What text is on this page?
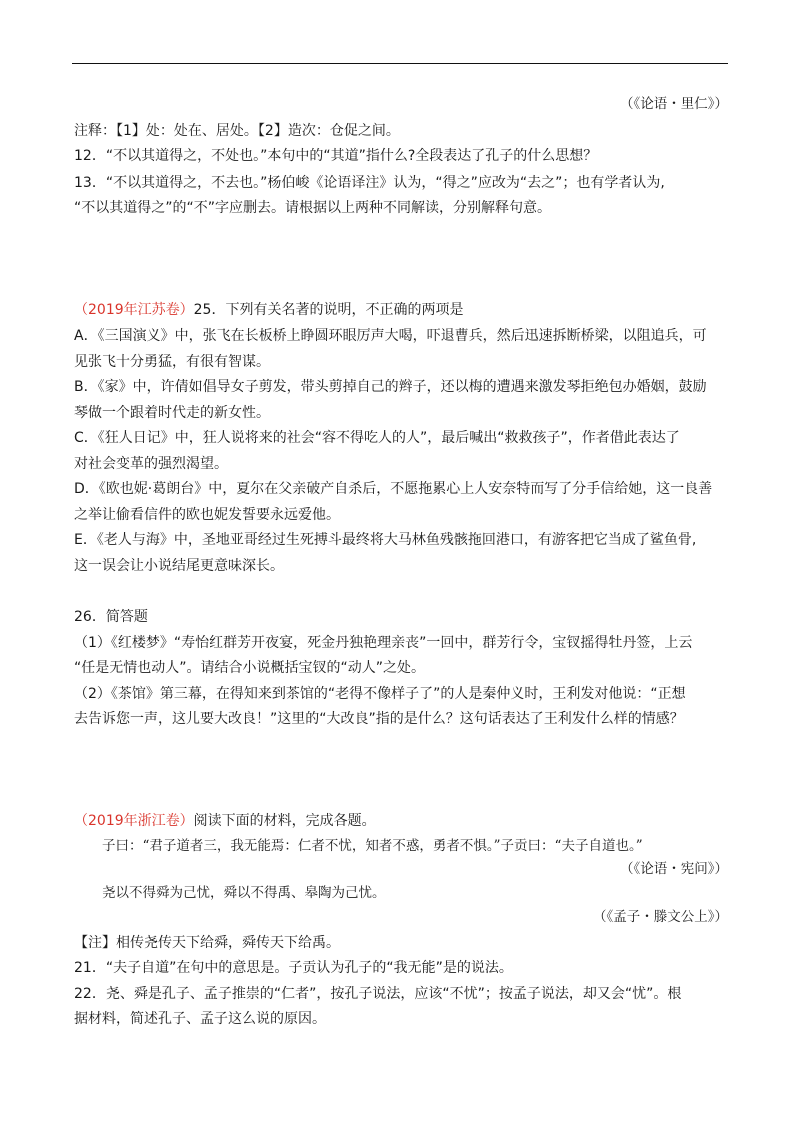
（《论语・里仁》）
注释：【1】处：处在、居处。【2】造次：仓促之间。
12．“不以其道得之，不处也。”本句中的“其道”指什么?全段表达了孔子的什么思想？
13．“不以其道得之，不去也。”杨伯峻《论语译注》认为，“得之”应改为“去之”；也有学者认为,
“不以其道得之”的“不”字应删去。请根据以上两种不同解读，分别解释句意。
（2019年江苏卷）25．下列有关名著的说明，不正确的两项是
A．《三国演义》中，张飞在长板桥上睁圆环眼厉声大喝，吓退曹兵，然后迅速拆断桥梁，以阻追兵，可
见张飞十分勇猛，有很有智谋。
B．《家》中，许倩如倡导女子剪发，带头剪掉自己的辫子，还以梅的遭遇来激发琴拒绝包办婚姻，鼓励
琴做一个跟着时代走的新女性。
C．《狂人日记》中，狂人说将来的社会“容不得吃人的人”，最后喊出“救救孩子”，作者借此表达了
对社会变革的强烈渴望。
D．《欧也妮·葛朗台》中，夏尔在父亲破产自杀后，不愿拖累心上人安奈特而写了分手信给她，这一良善
之举让偷看信件的欧也妮发誓要永远爱他。
E．《老人与海》中，圣地亚哥经过生死搏斗最终将大马林鱼残骸拖回港口，有游客把它当成了鲨鱼骨,
这一误会让小说结尾更意味深长。
26．简答题
（1）《红楼梦》“寿怡红群芳开夜宴，死金丹独艳理亲丧”一回中，群芳行令，宝钗摇得牡丹签，上云
“任是无情也动人”。请结合小说概括宝钗的“动人”之处。
（2）《茶馆》第三幕，在得知来到茶馆的“老得不像样子了”的人是秦仲义时，王利发对他说：“正想
去告诉您一声，这儿要大改良！”这里的“大改良”指的是什么？这句话表达了王利发什么样的情感？
（2019年浙江卷）阅读下面的材料，完成各题。
子曰：“君子道者三，我无能焉：仁者不忧，知者不惑，勇者不惧。”子贡曰：“夫子自道也。”
（《论语・宪问》）
尧以不得舜为己忧，舜以不得禹、皋陶为己忧。
（《孟子・滕文公上》）
【注】相传尧传天下给舜，舜传天下给禹。
21．“夫子自道”在句中的意思是。子贡认为孔子的“我无能”是的说法。
22．尧、舜是孔子、孟子推崇的“仁者”，按孔子说法，应该“不忧”；按孟子说法，却又会“忧”。根
据材料，简述孔子、孟子这么说的原因。
